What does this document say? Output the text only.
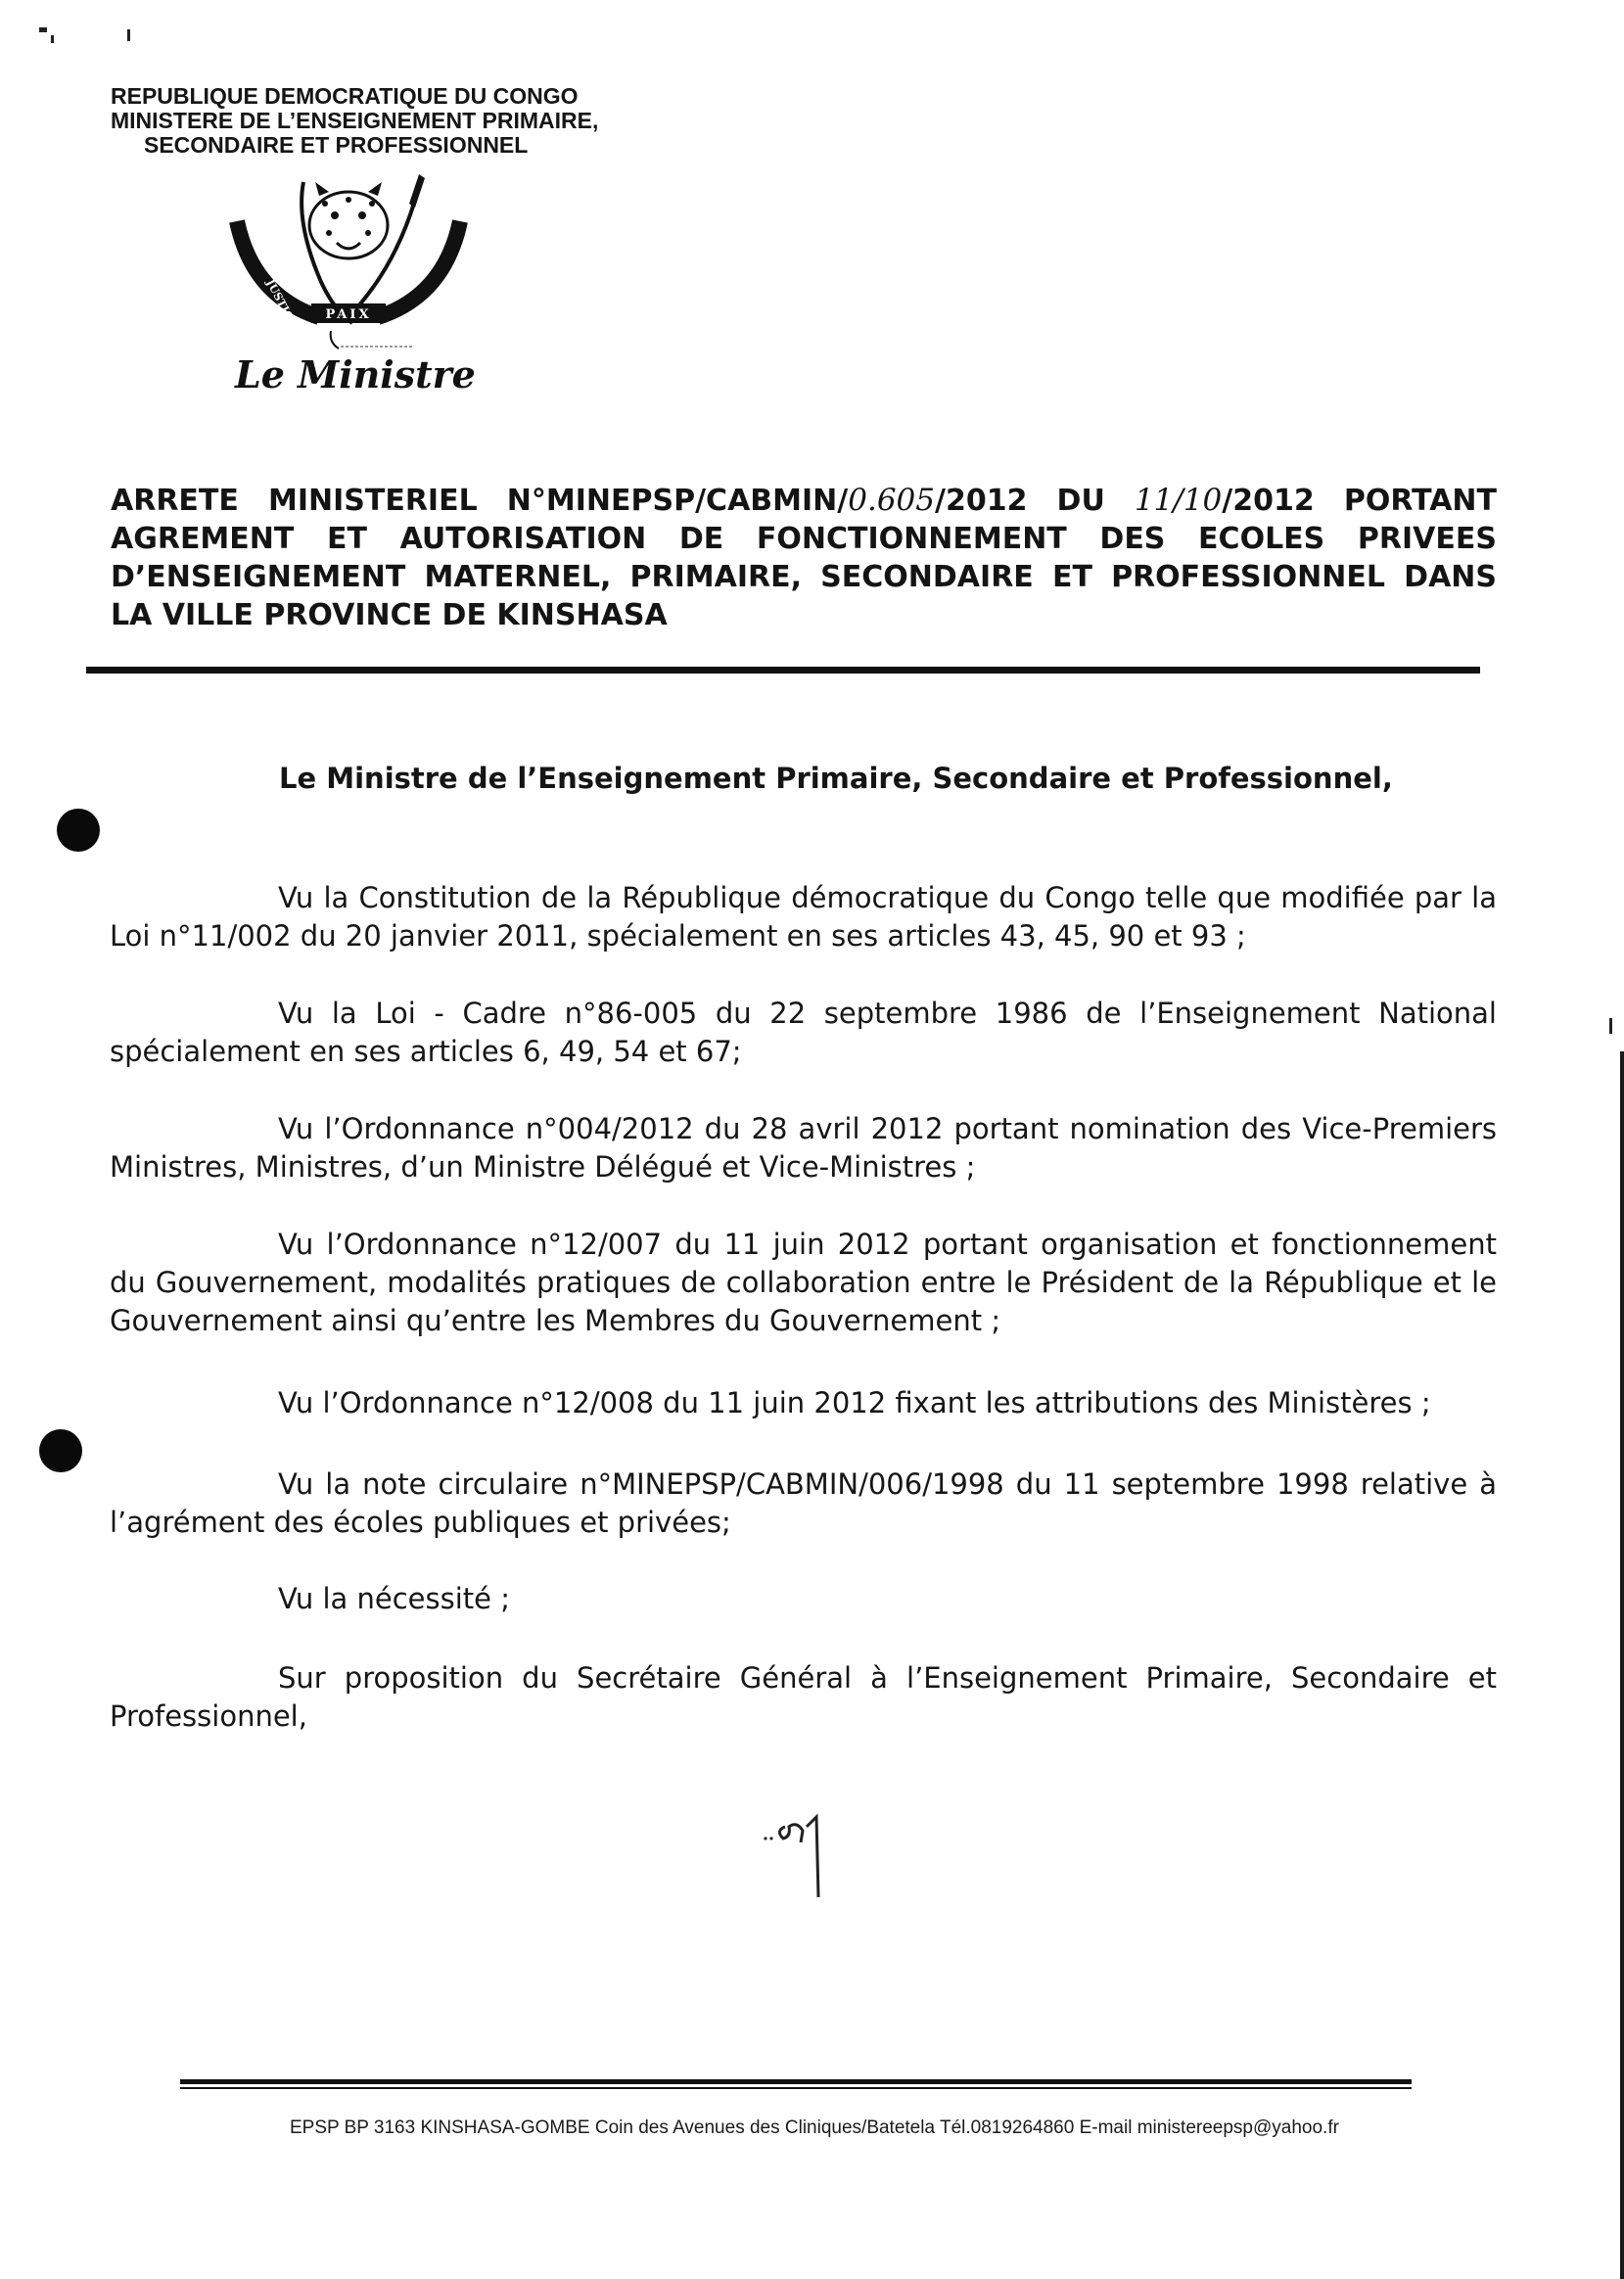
REPUBLIQUE DEMOCRATIQUE DU CONGO
MINISTERE DE L’ENSEIGNEMENT PRIMAIRE,
SECONDAIRE ET PROFESSIONNEL
PAIX
JUSTICE
TRAVAIL
Le Ministre
ARRETE MINISTERIEL N°MINEPSP/CABMIN/0.605/2012 DU 11/10/2012 PORTANT AGREMENT ET AUTORISATION DE FONCTIONNEMENT DES ECOLES PRIVEES D’ENSEIGNEMENT MATERNEL, PRIMAIRE, SECONDAIRE ET PROFESSIONNEL DANS LA VILLE PROVINCE DE KINSHASA
Le Ministre de l’Enseignement Primaire, Secondaire et Professionnel,
Vu la Constitution de la République démocratique du Congo telle que modifiée par la Loi n°11/002 du 20 janvier 2011, spécialement en ses articles 43, 45, 90 et 93 ;
Vu la Loi - Cadre n°86-005 du 22 septembre 1986 de l’Enseignement National spécialement en ses articles 6, 49, 54 et 67;
Vu l’Ordonnance n°004/2012 du 28 avril 2012 portant nomination des Vice-Premiers Ministres, Ministres, d’un Ministre Délégué et Vice-Ministres ;
Vu l’Ordonnance n°12/007 du 11 juin 2012 portant organisation et fonctionnement du Gouvernement, modalités pratiques de collaboration entre le Président de la République et le Gouvernement ainsi qu’entre les Membres du Gouvernement ;
Vu l’Ordonnance n°12/008 du 11 juin 2012 fixant les attributions des Ministères ;
Vu la note circulaire n°MINEPSP/CABMIN/006/1998 du 11 septembre 1998 relative à l’agrément des écoles publiques et privées;
Vu la nécessité ;
Sur proposition du Secrétaire Général à l’Enseignement Primaire, Secondaire et Professionnel,
EPSP BP 3163 KINSHASA-GOMBE Coin des Avenues des Cliniques/Batetela Tél.0819264860 E-mail ministereepsp@yahoo.fr
